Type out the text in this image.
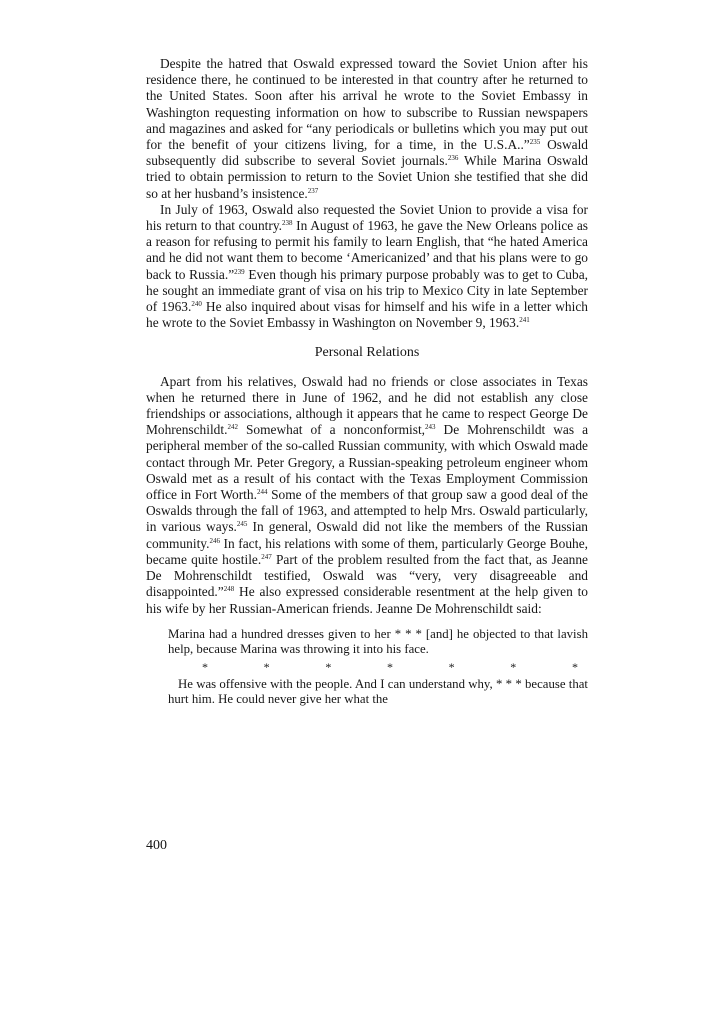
Despite the hatred that Oswald expressed toward the Soviet Union after his residence there, he continued to be interested in that country after he returned to the United States. Soon after his arrival he wrote to the Soviet Embassy in Washington requesting information on how to subscribe to Russian newspapers and magazines and asked for “any periodicals or bulletins which you may put out for the benefit of your citizens living, for a time, in the U.S.A..”$^{235}$ Oswald subsequently did subscribe to several Soviet journals.$^{236}$ While Marina Oswald tried to obtain permission to return to the Soviet Union she testified that she did so at her husband’s insistence.$^{237}$

In July of 1963, Oswald also requested the Soviet Union to provide a visa for his return to that country.$^{238}$ In August of 1963, he gave the New Orleans police as a reason for refusing to permit his family to learn English, that “he hated America and he did not want them to become ‘Americanized’ and that his plans were to go back to Russia.”$^{239}$ Even though his primary purpose probably was to get to Cuba, he sought an immediate grant of visa on his trip to Mexico City in late September of 1963.$^{240}$ He also inquired about visas for himself and his wife in a letter which he wrote to the Soviet Embassy in Washington on November 9, 1963.$^{241}$

Personal Relations

Apart from his relatives, Oswald had no friends or close associates in Texas when he returned there in June of 1962, and he did not establish any close friendships or associations, although it appears that he came to respect George De Mohrenschildt.$^{242}$ Somewhat of a nonconformist,$^{243}$ De Mohrenschildt was a peripheral member of the so-called Russian community, with which Oswald made contact through Mr. Peter Gregory, a Russian-speaking petroleum engineer whom Oswald met as a result of his contact with the Texas Employment Commission office in Fort Worth.$^{244}$ Some of the members of that group saw a good deal of the Oswalds through the fall of 1963, and attempted to help Mrs. Oswald particularly, in various ways.$^{245}$ In general, Oswald did not like the members of the Russian community.$^{246}$ In fact, his relations with some of them, particularly George Bouhe, became quite hostile.$^{247}$ Part of the problem resulted from the fact that, as Jeanne De Mohrenschildt testified, Oswald was “very, very disagreeable and disappointed.”$^{248}$ He also expressed considerable resentment at the help given to his wife by her Russian-American friends. Jeanne De Mohrenschildt said:

Marina had a hundred dresses given to her * * * [and] he objected to that lavish help, because Marina was throwing it into his face.

*	*	*	*	*	*	*

He was offensive with the people. And I can understand why, * * * because that hurt him. He could never give her what the

400
